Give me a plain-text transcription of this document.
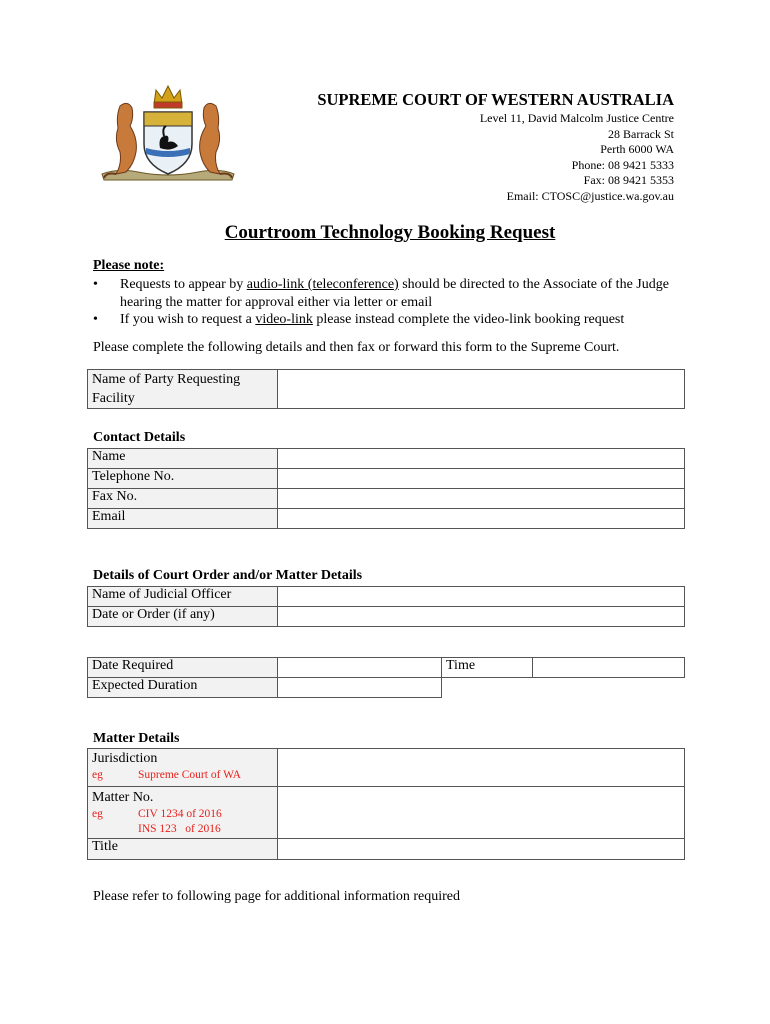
SUPREME COURT OF WESTERN AUSTRALIA
Level 11, David Malcolm Justice Centre
28 Barrack St
Perth 6000 WA
Phone: 08 9421 5333
Fax: 08 9421 5353
Email: CTOSC@justice.wa.gov.au
Courtroom Technology Booking Request
Please note:
• Requests to appear by audio-link (teleconference) should be directed to the Associate of the Judge hearing the matter for approval either via letter or email
• If you wish to request a video-link please instead complete the video-link booking request
Please complete the following details and then fax or forward this form to the Supreme Court.
Name of Party Requesting Facility	
Contact Details
Name	
Telephone No.	
Fax No.	
Email	
Details of Court Order and/or Matter Details
Name of Judicial Officer	
Date or Order (if any)	
Date Required		Time	
Expected Duration			
Matter Details
Jurisdiction
eg Supreme Court of WA	

Matter No.
eg CIV 1234 of 2016
INS 123   of 2016	

Title	
Please refer to following page for additional information required
